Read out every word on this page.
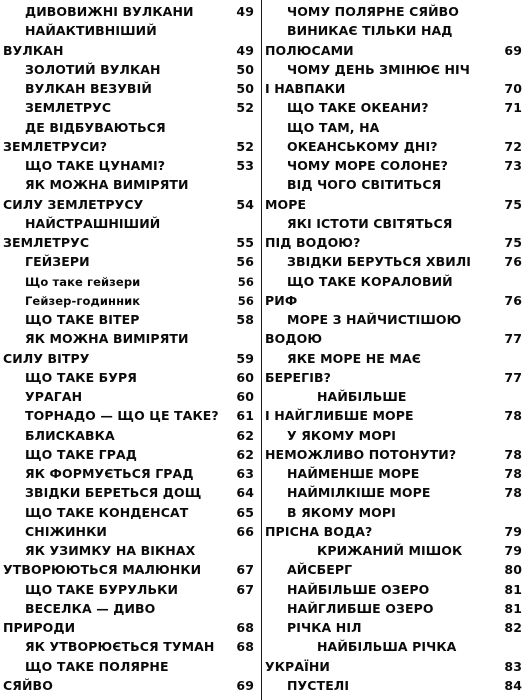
ДИВОВИЖНІ ВУЛКАНИ	49
НАЙАКТИВНІШИЙ
ВУЛКАН	49
ЗОЛОТИЙ ВУЛКАН	50
ВУЛКАН ВЕЗУВІЙ	50
ЗЕМЛЕТРУС	52
ДЕ ВІДБУВАЮТЬСЯ
ЗЕМЛЕТРУСИ?	52
ЩО ТАКЕ ЦУНАМІ?	53
ЯК МОЖНА ВИМІРЯТИ
СИЛУ ЗЕМЛЕТРУСУ	54
НАЙСТРАШНІШИЙ
ЗЕМЛЕТРУС	55
ГЕЙЗЕРИ	56
Що таке гейзери	56
Гейзер-годинник	56
ЩО ТАКЕ ВІТЕР	58
ЯК МОЖНА ВИМІРЯТИ
СИЛУ ВІТРУ	59
ЩО ТАКЕ БУРЯ	60
УРАГАН	60
ТОРНАДО — ЩО ЦЕ ТАКЕ? 61
БЛИСКАВКА	62
ЩО ТАКЕ ГРАД	62
ЯК ФОРМУЄТЬСЯ ГРАД	63
ЗВІДКИ БЕРЕТЬСЯ ДОЩ	64
ЩО ТАКЕ КОНДЕНСАТ	65
СНІЖИНКИ	66
ЯК УЗИМКУ НА ВІКНАХ
УТВОРЮЮТЬСЯ МАЛЮНКИ	67
ЩО ТАКЕ БУРУЛЬКИ	67
ВЕСЕЛКА — ДИВО
ПРИРОДИ	68
ЯК УТВОРЮЄТЬСЯ ТУМАН 68
ЩО ТАКЕ ПОЛЯРНЕ
СЯЙВО	69
ЧОМУ ПОЛЯРНЕ СЯЙВО
ВИНИКАЄ ТІЛЬКИ НАД
ПОЛЮСАМИ	69
ЧОМУ ДЕНЬ ЗМІНЮЄ НІЧ
І НАВПАКИ	70
ЩО ТАКЕ ОКЕАНИ?	71
ЩО ТАМ, НА
ОКЕАНСЬКОМУ ДНІ?	72
ЧОМУ МОРЕ СОЛОНЕ?	73
ВІД ЧОГО СВІТИТЬСЯ
МОРЕ	75
ЯКІ ІСТОТИ СВІТЯТЬСЯ
ПІД ВОДОЮ?	75
ЗВІДКИ БЕРУТЬСЯ ХВИЛІ	76
ЩО ТАКЕ КОРАЛОВИЙ
РИФ	76
МОРЕ З НАЙЧИСТІШОЮ
ВОДОЮ	77
ЯКЕ МОРЕ НЕ МАЄ
БЕРЕГІВ?	77
НАЙБІЛЬШЕ
І НАЙГЛИБШЕ МОРЕ	78
У ЯКОМУ МОРІ
НЕМОЖЛИВО ПОТОНУТИ?	78
НАЙМЕНШЕ МОРЕ	78
НАЙМІЛКІШЕ МОРЕ	78
В ЯКОМУ МОРІ
ПРІСНА ВОДА?	79
КРИЖАНИЙ МІШОК	79
АЙСБЕРГ	80
НАЙБІЛЬШЕ ОЗЕРО	81
НАЙГЛИБШЕ ОЗЕРО	81
РІЧКА НІЛ	82
НАЙБІЛЬША РІЧКА
УКРАЇНИ	83
ПУСТЕЛІ	84
